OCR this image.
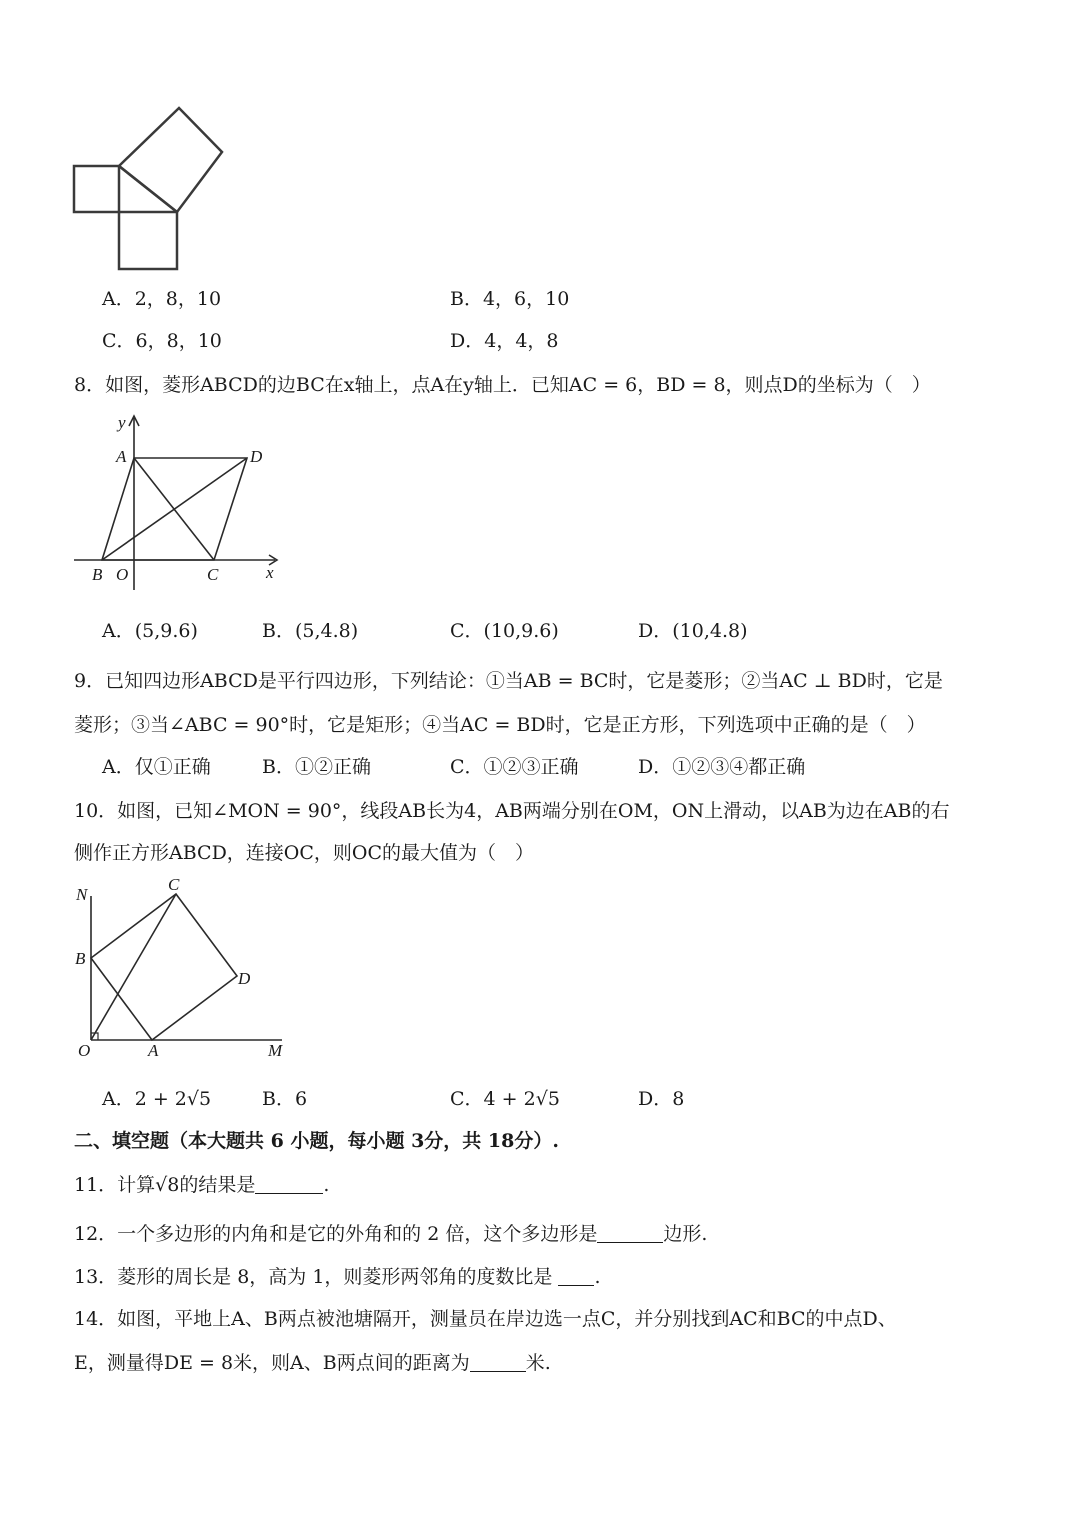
A．2，8，10	B．4，6，10
C．6，8，10	D．4，4，8
8．如图，菱形ABCD的边BC在x轴上，点A在y轴上．已知AC = 6，BD = 8，则点D的坐标为（　）
y
A	D
B O	C	x
A．(5,9.6)	B．(5,4.8)	C．(10,9.6)	D．(10,4.8)
9．已知四边形ABCD是平行四边形，下列结论：①当AB = BC时，它是菱形；②当AC ⊥ BD时，它是
菱形；③当∠ABC = 90°时，它是矩形；④当AC = BD时，它是正方形，下列选项中正确的是（　）
A．仅①正确	B．①②正确	C．①②③正确	D．①②③④都正确
10．如图，已知∠MON = 90°，线段AB长为4，AB两端分别在OM，ON上滑动，以AB为边在AB的右
侧作正方形ABCD，连接OC，则OC的最大值为（　）
N
C
B
D
O	A	M
A．2 + 2√5	B．6	C．4 + 2√5	D．8
二、填空题（本大题共 6 小题，每小题 3分，共 18分）.
11．计算√8的结果是	.
12．一个多边形的内角和是它的外角和的 2 倍，这个多边形是	边形.
13．菱形的周长是 8，高为 1，则菱形两邻角的度数比是 .
14．如图，平地上A、B两点被池塘隔开，测量员在岸边选一点C，并分别找到AC和BC的中点D、
E，测量得DE = 8米，则A、B两点间的距离为	米.
